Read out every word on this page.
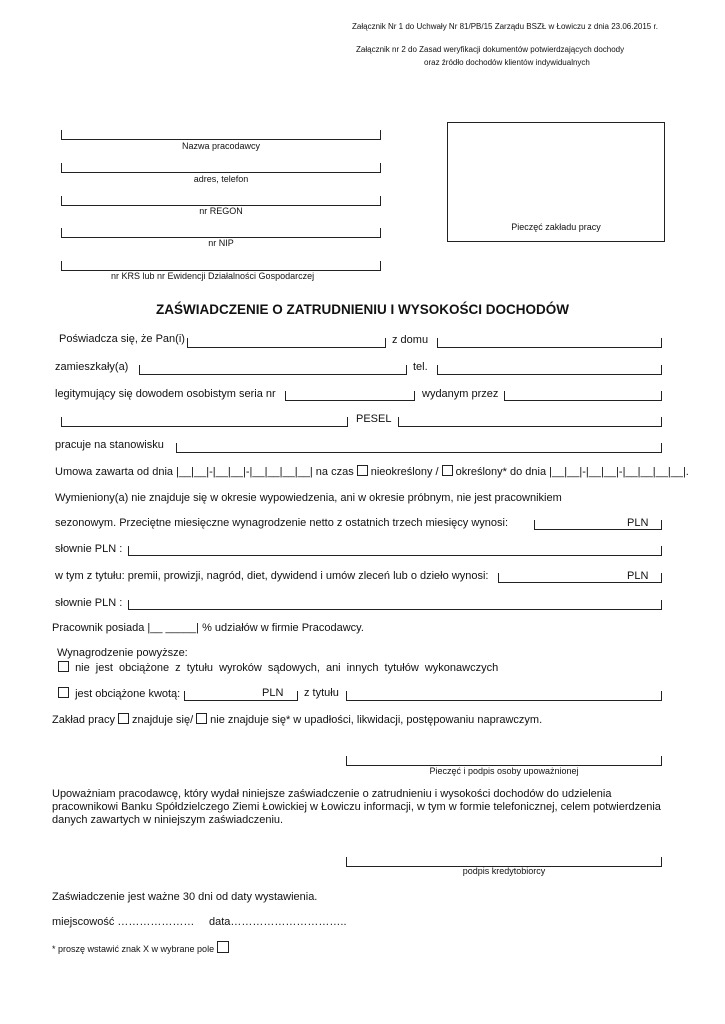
Załącznik Nr 1 do Uchwały Nr 81/PB/15 Zarządu BSZŁ w Łowiczu z dnia 23.06.2015 r.
Załącznik nr 2 do Zasad weryfikacji dokumentów potwierdzających dochody
oraz źródło dochodów klientów indywidualnych
Nazwa pracodawcy
adres, telefon
nr REGON
nr NIP
nr KRS lub nr Ewidencji Działalności Gospodarczej
Pieczęć zakładu pracy
ZAŚWIADCZENIE O ZATRUDNIENIU I WYSOKOŚCI DOCHODÓW
Poświadcza się, że Pan(i)	z domu
zamieszkały(a)	tel.
legitymujący się dowodem osobistym seria nr	wydanym przez
PESEL
pracuje na stanowisku
Umowa zawarta od dnia |__|__|-|__|__|-|__|__|__|__| na czas nieokreślony / określony* do dnia |__|__|-|__|__|-|__|__|__|__|.
Wymieniony(a) nie znajduje się w okresie wypowiedzenia, ani w okresie próbnym, nie jest pracownikiem
sezonowym. Przeciętne miesięczne wynagrodzenie netto z ostatnich trzech miesięcy wynosi:	PLN
słownie PLN :
w tym z tytułu: premii, prowizji, nagród, diet, dywidend i umów zleceń lub o dzieło wynosi:	PLN
słownie PLN :
Pracownik posiada |__ _____| % udziałów w firmie Pracodawcy.
Wynagrodzenie powyższe:
nie jest obciążone z tytułu wyroków sądowych, ani innych tytułów wykonawczych
jest obciążone kwotą:	PLN z tytułu
Zakład pracy znajduje się/ nie znajduje się* w upadłości, likwidacji, postępowaniu naprawczym.
Pieczęć i podpis osoby upoważnionej
Upoważniam pracodawcę, który wydał niniejsze zaświadczenie o zatrudnieniu i wysokości dochodów do udzielenia pracownikowi Banku Spółdzielczego Ziemi Łowickiej w Łowiczu informacji, w tym w formie telefonicznej, celem potwierdzenia danych zawartych w niniejszym zaświadczeniu.
podpis kredytobiorcy
Zaświadczenie jest ważne 30 dni od daty wystawienia.
miejscowość ………………… data…………………………..
* proszę wstawić znak X w wybrane pole
